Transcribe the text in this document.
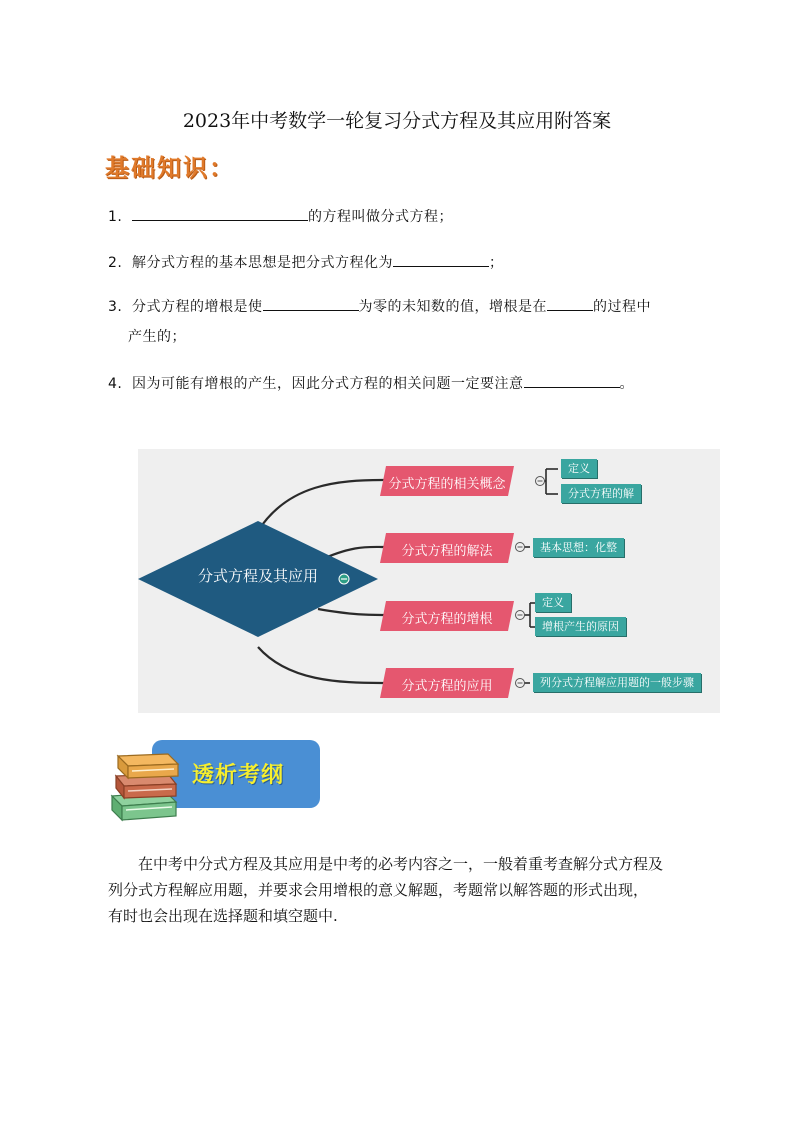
2023年中考数学一轮复习分式方程及其应用附答案
基础知识：
1.	的方程叫做分式方程；
2. 解分式方程的基本思想是把分式方程化为	；
3. 分式方程的增根是使	为零的未知数的值，增根是在	的过程中
产生的；
4. 因为可能有增根的产生，因此分式方程的相关问题一定要注意	。
分式方程及其应用
分式方程的相关概念
分式方程的解法
分式方程的增根
分式方程的应用
定义
分式方程的解
基本思想：化整
定义
增根产生的原因
列分式方程解应用题的一般步骤
透析考纲

在中考中分式方程及其应用是中考的必考内容之一，一般着重考查解分式方程及

列分式方程解应用题，并要求会用增根的意义解题，考题常以解答题的形式出现，

有时也会出现在选择题和填空题中.
